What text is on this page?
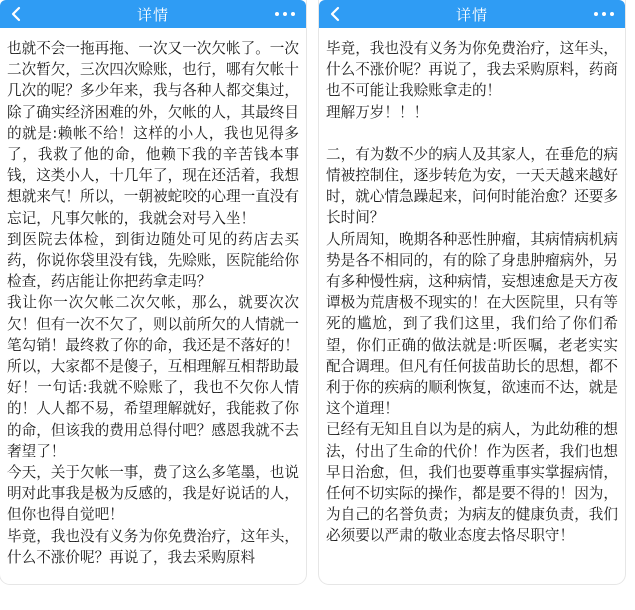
详情

也就不会一拖再拖、一次又一次欠帐了。一次二次暂欠，三次四次赊账，也行，哪有欠帐十几次的呢？多少年来，我与各种人都交集过，除了确实经济困难的外，欠帐的人，其最终目的就是:赖帐不给！这样的小人，我也见得多了，我救了他的命，他赖下我的辛苦钱本事钱，这类小人，十几年了，现在还活着，我想想就来气！所以，一朝被蛇咬的心理一直没有忘记，凡事欠帐的，我就会对号入坐！

到医院去体检，到街边随处可见的药店去买药，你说你袋里没有钱，先赊账，医院能给你检查，药店能让你把药拿走吗？

我让你一次欠帐二次欠帐，那么，就要次次欠！但有一次不欠了，则以前所欠的人情就一笔勾销！最终救了你的命，我还是不落好的！所以，大家都不是傻子，互相理解互相帮助最好！一句话:我就不赊账了，我也不欠你人情的！人人都不易，希望理解就好，我能救了你的命，但该我的费用总得付吧？感恩我就不去奢望了！

今天，关于欠帐一事，费了这么多笔墨，也说明对此事我是极为反感的，我是好说话的人，但你也得自觉吧！

毕竟，我也没有义务为你免费治疗，这年头，什么不涨价呢？再说了，我去采购原料

详情

毕竟，我也没有义务为你免费治疗，这年头，什么不涨价呢？再说了，我去采购原料，药商也不可能让我赊账拿走的！

理解万岁！！！

二，有为数不少的病人及其家人，在垂危的病情被控制住，逐步转危为安，一天天越来越好时，就心情急躁起来，问何时能治愈？还要多长时间？

人所周知，晚期各种恶性肿瘤，其病情病机病势是各不相同的，有的除了身患肿瘤病外，另有多种慢性病，这种病情，妄想速愈是天方夜谭极为荒唐极不现实的！在大医院里，只有等死的尴尬，到了我们这里，我们给了你们希望，你们正确的做法就是:听医嘱，老老实实配合调理。但凡有任何拔苗助长的思想，都不利于你的疾病的顺利恢复，欲速而不达，就是这个道理！

已经有无知且自以为是的病人，为此幼稚的想法，付出了生命的代价！作为医者，我们也想早日治愈，但，我们也要尊重事实掌握病情，任何不切实际的操作，都是要不得的！因为，为自己的名誉负责；为病友的健康负责，我们必须要以严肃的敬业态度去恪尽职守！
